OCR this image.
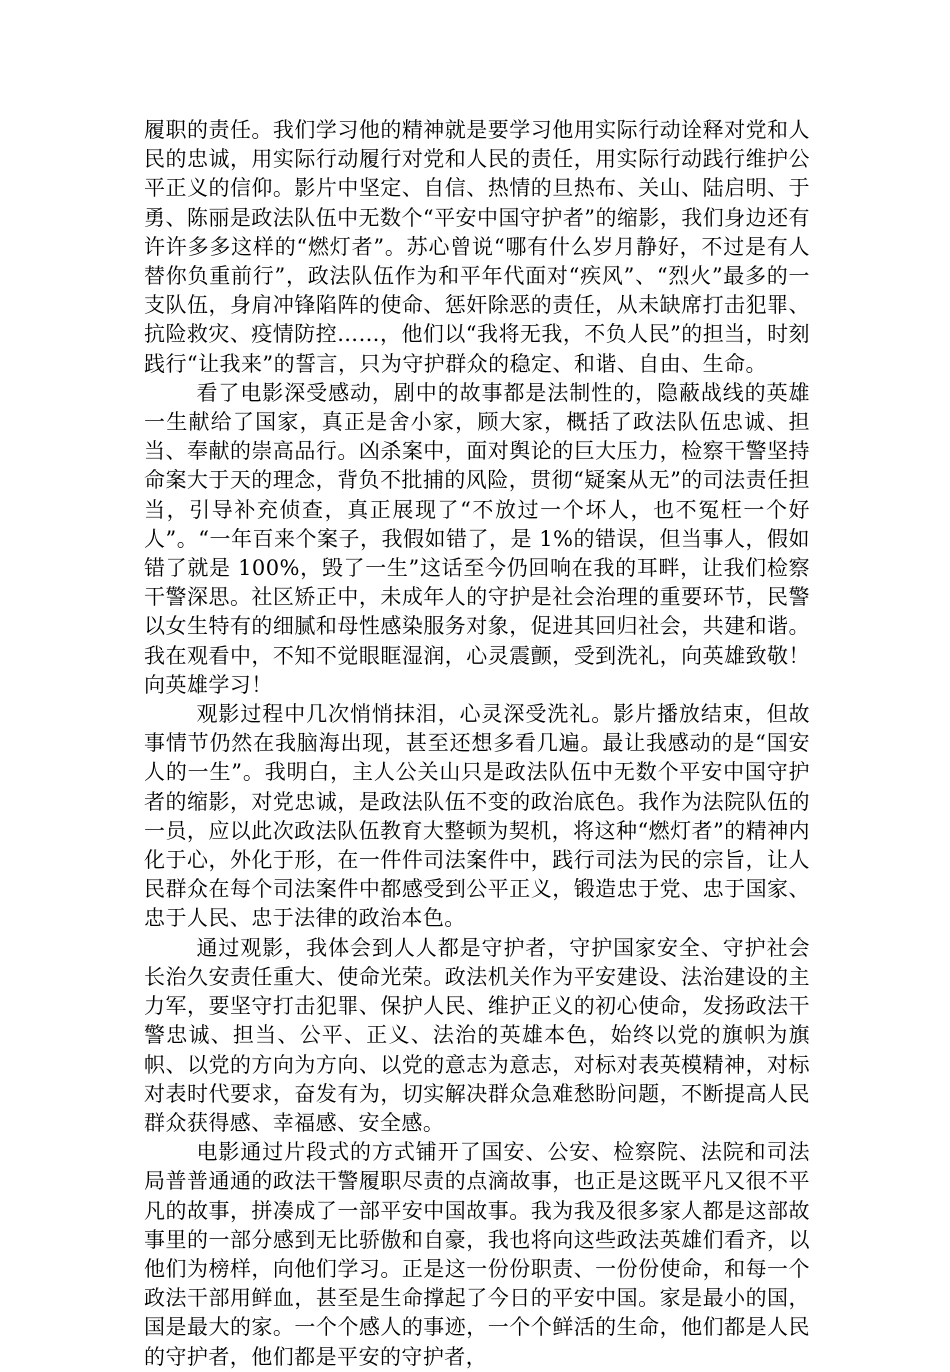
履职的责任。我们学习他的精神就是要学习他用实际行动诠释对党和人民的忠诚，用实际行动履行对党和人民的责任，用实际行动践行维护公平正义的信仰。影片中坚定、自信、热情的旦热布、关山、陆启明、于勇、陈丽是政法队伍中无数个“平安中国守护者”的缩影，我们身边还有许许多多这样的“燃灯者”。苏心曾说“哪有什么岁月静好，不过是有人替你负重前行”，政法队伍作为和平年代面对“疾风”、“烈火”最多的一支队伍，身肩冲锋陷阵的使命、惩奸除恶的责任，从未缺席打击犯罪、抗险救灾、疫情防控……，他们以“我将无我，不负人民”的担当，时刻践行“让我来”的誓言，只为守护群众的稳定、和谐、自由、生命。

看了电影深受感动，剧中的故事都是法制性的，隐蔽战线的英雄一生献给了国家，真正是舍小家，顾大家，概括了政法队伍忠诚、担当、奉献的崇高品行。凶杀案中，面对舆论的巨大压力，检察干警坚持命案大于天的理念，背负不批捕的风险，贯彻“疑案从无”的司法责任担当，引导补充侦查，真正展现了“不放过一个坏人，也不冤枉一个好人”。“一年百来个案子，我假如错了，是 1%的错误，但当事人，假如错了就是 100%，毁了一生”这话至今仍回响在我的耳畔，让我们检察干警深思。社区矫正中，未成年人的守护是社会治理的重要环节，民警以女生特有的细腻和母性感染服务对象，促进其回归社会，共建和谐。我在观看中，不知不觉眼眶湿润，心灵震颤，受到洗礼，向英雄致敬！向英雄学习！

观影过程中几次悄悄抹泪，心灵深受洗礼。影片播放结束，但故事情节仍然在我脑海出现，甚至还想多看几遍。最让我感动的是“国安人的一生”。我明白，主人公关山只是政法队伍中无数个平安中国守护者的缩影，对党忠诚，是政法队伍不变的政治底色。我作为法院队伍的一员，应以此次政法队伍教育大整顿为契机，将这种“燃灯者”的精神内化于心，外化于形，在一件件司法案件中，践行司法为民的宗旨，让人民群众在每个司法案件中都感受到公平正义，锻造忠于党、忠于国家、忠于人民、忠于法律的政治本色。

通过观影，我体会到人人都是守护者，守护国家安全、守护社会长治久安责任重大、使命光荣。政法机关作为平安建设、法治建设的主力军，要坚守打击犯罪、保护人民、维护正义的初心使命，发扬政法干警忠诚、担当、公平、正义、法治的英雄本色，始终以党的旗帜为旗帜、以党的方向为方向、以党的意志为意志，对标对表英模精神，对标对表时代要求，奋发有为，切实解决群众急难愁盼问题，不断提高人民群众获得感、幸福感、安全感。

电影通过片段式的方式铺开了国安、公安、检察院、法院和司法局普普通通的政法干警履职尽责的点滴故事，也正是这既平凡又很不平凡的故事，拼凑成了一部平安中国故事。我为我及很多家人都是这部故事里的一部分感到无比骄傲和自豪，我也将向这些政法英雄们看齐，以他们为榜样，向他们学习。正是这一份份职责、一份份使命，和每一个政法干部用鲜血，甚至是生命撑起了今日的平安中国。家是最小的国，国是最大的家。一个个感人的事迹，一个个鲜活的生命，他们都是人民的守护者，他们都是平安的守护者，
